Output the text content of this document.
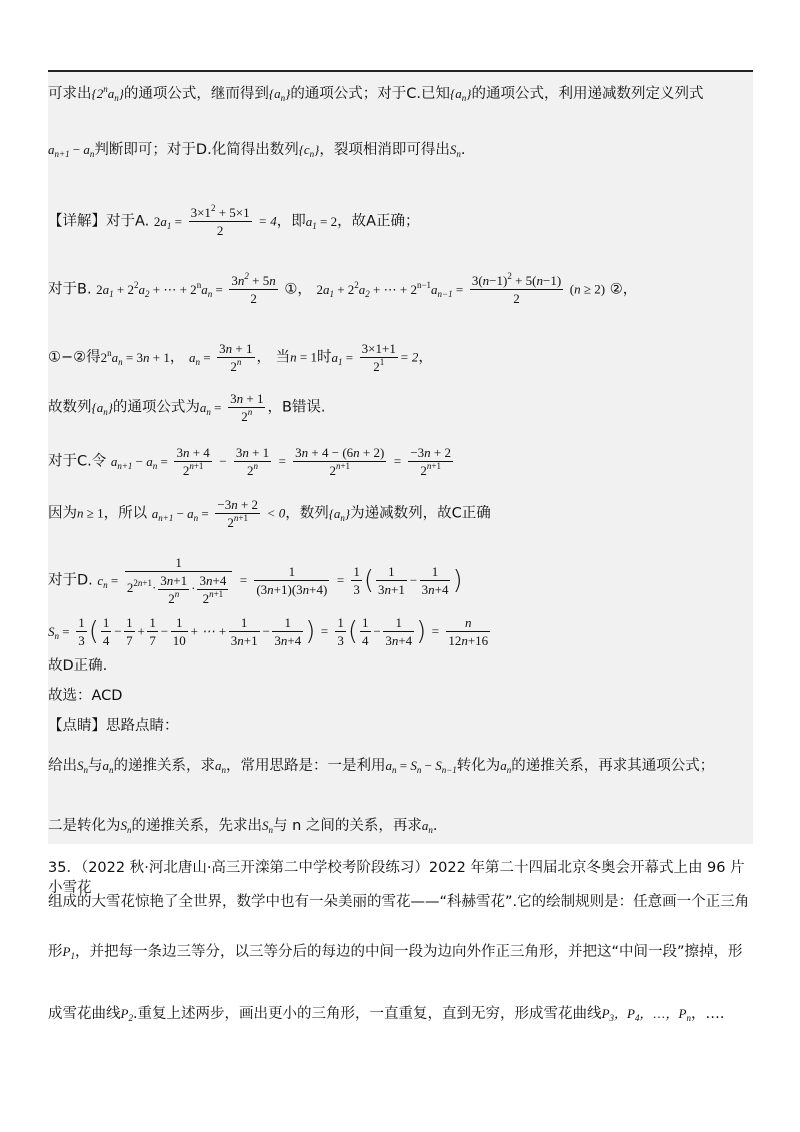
可求出$\{2^na_n\}$的通项公式，继而得到$\{a_n\}$的通项公式；对于C.已知$\{a_n\}$的通项公式，利用递减数列定义列式
$a_{n+1} - a_n$判断即可；对于D.化简得出数列$\{c_n\}$，裂项相消即可得出$S_n$.
【详解】对于A. $2a_1 = \frac{3\times 1^2 + 5\times 1}{2} = 4$，即$a_1 = 2$，故A正确；
对于B. $2a_1 + 2^2a_2$ + ⋯ + $2^na_n = \frac{3n^2 + 5n}{2}$ ①， $2a_1 + 2^2a_2$ + ⋯ + $2^{n-1}a_{n-1} = \frac{3(n-1)^2 + 5(n-1)}{2} (n \ge 2)$ ②，
①−②得$2^na_n = 3n + 1$， $a_n = \frac{3n + 1}{2^n}$ ， 当n = 1时$a_1 = \frac{3\times 1+1}{2^1} = 2$，
故数列$\{a_n\}$的通项公式为$a_n = \frac{3n + 1}{2^n}$ ，B错误.
对于C.令 $a_{n+1} - a_n = \frac{3n + 4}{2^{n+1}} - \frac{3n + 1}{2^n} = \frac{3n + 4 - (6n + 2)}{2^{n+1}} = \frac{-3n + 2}{2^{n+1}}$
因为n ≥ 1，所以 $a_{n+1} - a_n = \frac{-3n + 2}{2^{n+1}} < 0$，数列$\{a_n\}$为递减数列，故C正确
对于D. $c_n = \frac{1}{2^{2n+1}\cdot \frac{3n+1}{2^n} \cdot \frac{3n+4}{2^{n+1}}} = \frac{1}{(3n+1)(3n+4)} = \frac{1}{3}$ ( $\frac{1}{3n+1} - \frac{1}{3n+4}$ )
$S_n = \frac{1}{3}$ ( $\frac{1}{4} - \frac{1}{7} + \frac{1}{7} - \frac{1}{10}$ + ⋯ + $\frac{1}{3n+1} - \frac{1}{3n+4}$ ) = $\frac{1}{3}$ ( $\frac{1}{4} - \frac{1}{3n+4}$ ) = $\frac{n}{12n+16}$
故D正确.
故选：ACD
【点睛】思路点睛：
给出$S_n$与$a_n$的递推关系，求$a_n$，常用思路是：一是利用$a_n = S_n - S_{n-1}$转化为$a_n$的递推关系，再求其通项公式；
二是转化为$S_n$的递推关系，先求出$S_n$与 n 之间的关系，再求$a_n$.
35．（2022 秋·河北唐山·高三开滦第二中学校考阶段练习）2022 年第二十四届北京冬奥会开幕式上由 96 片小雪花
组成的大雪花惊艳了全世界，数学中也有一朵美丽的雪花——“科赫雪花”.它的绘制规则是：任意画一个正三角
形$P_1$，并把每一条边三等分，以三等分后的每边的中间一段为边向外作正三角形，并把这“中间一段”擦掉，形
成雪花曲线$P_2$.重复上述两步，画出更小的三角形，一直重复，直到无穷，形成雪花曲线$P_3$，$P_4$，…，$P_n$，….
